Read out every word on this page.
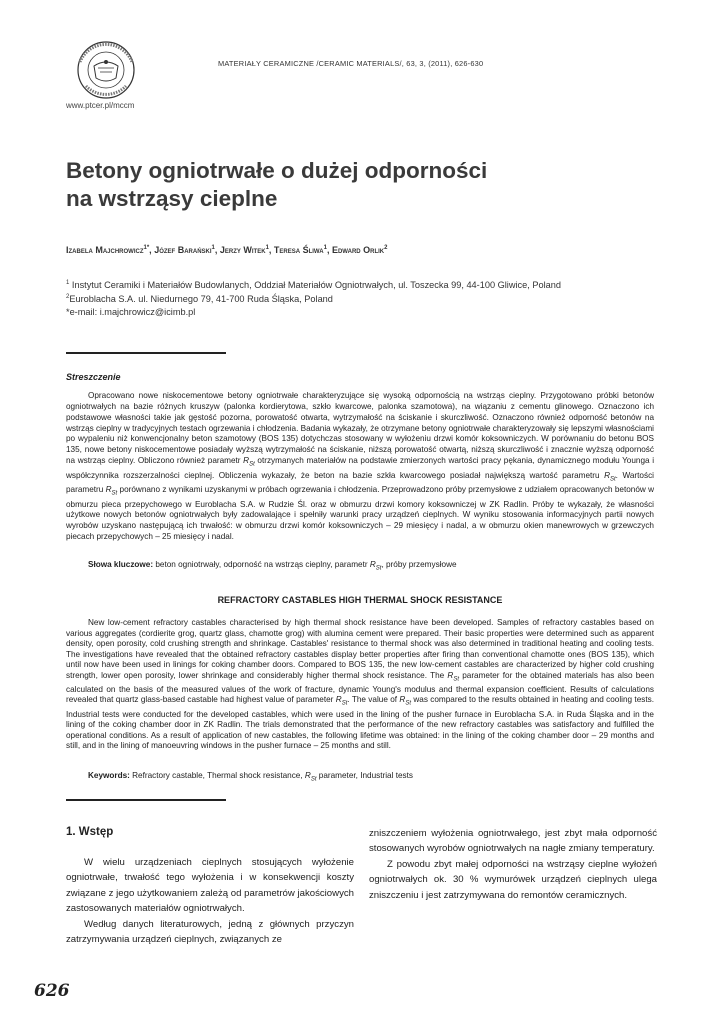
www.ptcer.pl/mccm
MATERIAŁY CERAMICZNE /CERAMIC MATERIALS/, 63, 3, (2011), 626-630
Betony ogniotrwałe o dużej odporności
na wstrząsy cieplne
Izabela Majchrowicz$^{1*}$, Józef Barański$^1$, Jerzy Witek$^1$, Teresa Śliwa$^1$, Edward Orlik$^2$
$^1$ Instytut Ceramiki i Materiałów Budowlanych, Oddział Materiałów Ogniotrwałych, ul. Toszecka 99, 44-100 Gliwice, Poland
$^2$Euroblacha S.A. ul. Niedurnego 79, 41-700 Ruda Śląska, Poland
*e-mail: i.majchrowicz@icimb.pl
Streszczenie
Opracowano nowe niskocementowe betony ogniotrwałe charakteryzujące się wysoką odpornością na wstrząs cieplny. Przygotowano próbki betonów ogniotrwałych na bazie różnych kruszyw (palonka kordierytowa, szkło kwarcowe, palonka szamotowa), na wiązaniu z cementu glinowego. Oznaczono ich podstawowe własności takie jak gęstość pozorna, porowatość otwarta, wytrzymałość na ściskanie i skurczliwość. Oznaczono również odporność betonów na wstrząs cieplny w tradycyjnych testach ogrzewania i chłodzenia. Badania wykazały, że otrzymane betony ogniotrwałe charakteryzowały się lepszymi własnościami po wypaleniu niż konwencjonalny beton szamotowy (BOS 135) dotychczas stosowany w wyłożeniu drzwi komór koksowniczych. W porównaniu do betonu BOS 135, nowe betony niskocementowe posiadały wyższą wytrzymałość na ściskanie, niższą porowatość otwartą, niższą skurczliwość i znacznie wyższą odporność na wstrząs cieplny. Obliczono również parametr $R_{St}$ otrzymanych materiałów na podstawie zmierzonych wartości pracy pękania, dynamicznego modułu Younga i współczynnika rozszerzalności cieplnej. Obliczenia wykazały, że beton na bazie szkła kwarcowego posiadał największą wartość parametru $R_{St}$. Wartości parametru $R_{St}$ porównano z wynikami uzyskanymi w próbach ogrzewania i chłodzenia. Przeprowadzono próby przemysłowe z udziałem opracowanych betonów w obmurzu pieca przepychowego w Euroblacha S.A. w Rudzie Śl. oraz w obmurzu drzwi komory koksowniczej w ZK Radlin. Próby te wykazały, że własności użytkowe nowych betonów ogniotrwałych były zadowalające i spełniły warunki pracy urządzeń cieplnych. W wyniku stosowania informacyjnych partii nowych wyrobów uzyskano następującą ich trwałość: w obmurzu drzwi komór koksowniczych – 29 miesięcy i nadal, a w obmurzu okien manewrowych w grzewczych piecach przepychowych – 25 miesięcy i nadal.
Słowa kluczowe: beton ogniotrwały, odporność na wstrząs cieplny, parametr $R_{St}$, próby przemysłowe
REFRACTORY CASTABLES HIGH THERMAL SHOCK RESISTANCE
New low-cement refractory castables characterised by high thermal shock resistance have been developed. Samples of refractory castables based on various aggregates (cordierite grog, quartz glass, chamotte grog) with alumina cement were prepared. Their basic properties were determined such as apparent density, open porosity, cold crushing strength and shrinkage. Castables' resistance to thermal shock was also determined in traditional heating and cooling tests. The investigations have revealed that the obtained refractory castables display better properties after firing than conventional chamotte ones (BOS 135), which until now have been used in linings for coking chamber doors. Compared to BOS 135, the new low-cement castables are characterized by higher cold crushing strength, lower open porosity, lower shrinkage and considerably higher thermal shock resistance. The $R_{St}$ parameter for the obtained materials has also been calculated on the basis of the measured values of the work of fracture, dynamic Young's modulus and thermal expansion coefficient. Results of calculations revealed that quartz glass-based castable had highest value of parameter $R_{St}$. The value of $R_{St}$ was compared to the results obtained in heating and cooling tests. Industrial tests were conducted for the developed castables, which were used in the lining of the pusher furnace in Euroblacha S.A. in Ruda Śląska and in the lining of the coking chamber door in ZK Radlin. The trials demonstrated that the performance of the new refractory castables was satisfactory and fulfilled the operational conditions. As a result of application of new castables, the following lifetime was obtained: in the lining of the coking chamber door – 29 months and still, and in the lining of manoeuvring windows in the pusher furnace – 25 months and still.
Keywords: Refractory castable, Thermal shock resistance, $R_{St}$ parameter, Industrial tests
1. Wstęp

W wielu urządzeniach cieplnych stosujących wyłożenie ogniotrwałe, trwałość tego wyłożenia i w konsekwencji koszty związane z jego użytkowaniem zależą od parametrów jakościowych zastosowanych materiałów ogniotrwałych.

Według danych literaturowych, jedną z głównych przyczyn zatrzymywania urządzeń cieplnych, związanych ze

zniszczeniem wyłożenia ogniotrwałego, jest zbyt mała odporność stosowanych wyrobów ogniotrwałych na nagłe zmiany temperatury.

Z powodu zbyt małej odporności na wstrząsy cieplne wyłożeń ogniotrwałych ok. 30 % wymurówek urządzeń cieplnych ulega zniszczeniu i jest zatrzymywana do remontów ceramicznych.

626
